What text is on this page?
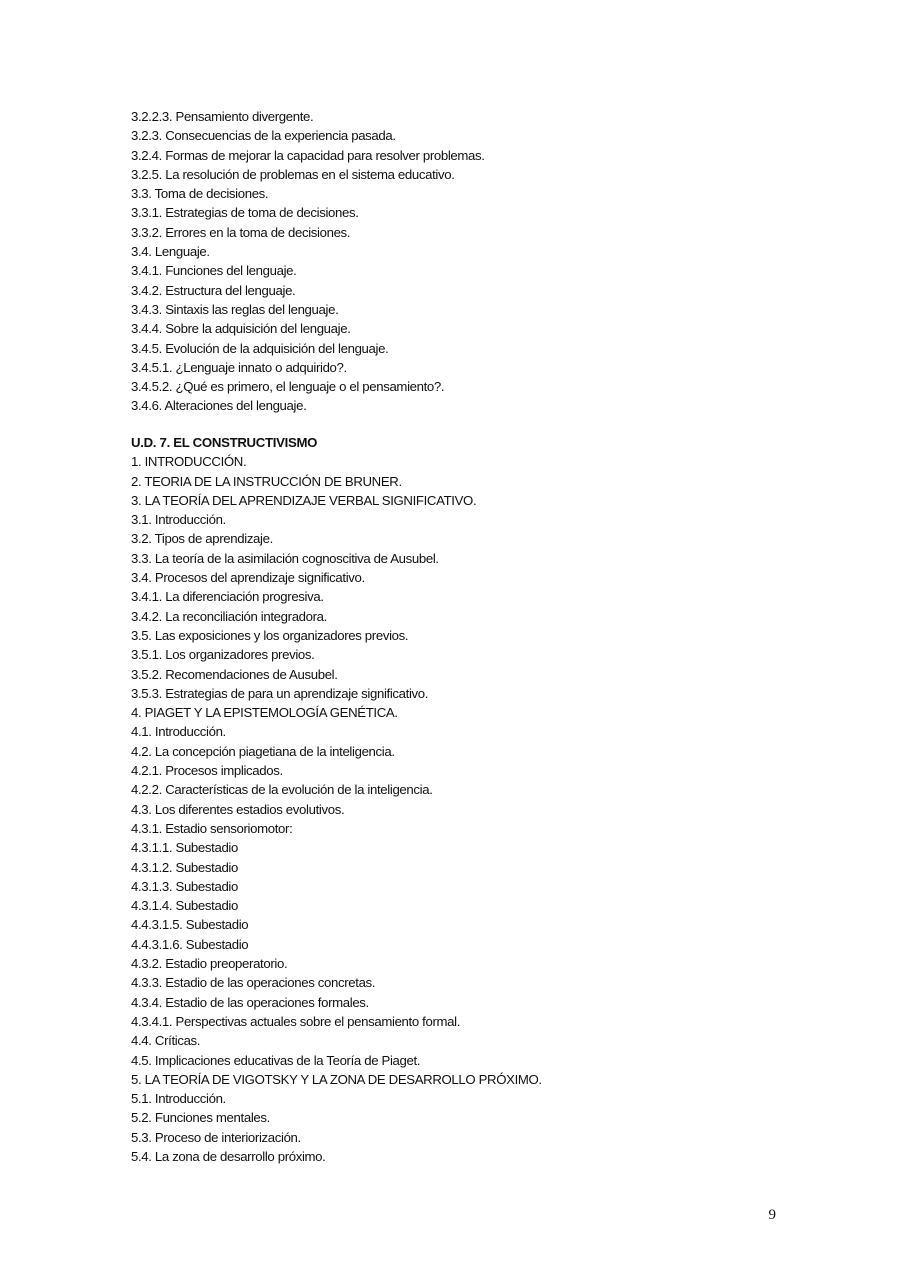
3.2.2.3. Pensamiento divergente.
3.2.3. Consecuencias de la experiencia pasada.
3.2.4. Formas de mejorar la capacidad para resolver problemas.
3.2.5. La resolución de problemas en el sistema educativo.
3.3. Toma de decisiones.
3.3.1. Estrategias de toma de decisiones.
3.3.2. Errores en la toma de decisiones.
3.4. Lenguaje.
3.4.1. Funciones del lenguaje.
3.4.2. Estructura del lenguaje.
3.4.3. Sintaxis las reglas del lenguaje.
3.4.4. Sobre la adquisición del lenguaje.
3.4.5. Evolución de la adquisición del lenguaje.
3.4.5.1. ¿Lenguaje innato o adquirido?.
3.4.5.2. ¿Qué es primero, el lenguaje o el pensamiento?.
3.4.6. Alteraciones del lenguaje.
U.D. 7. EL CONSTRUCTIVISMO
1. INTRODUCCIÓN.
2. TEORIA DE LA INSTRUCCIÓN DE BRUNER.
3. LA TEORÍA DEL APRENDIZAJE VERBAL SIGNIFICATIVO.
3.1. Introducción.
3.2. Tipos de aprendizaje.
3.3. La teoría de la asimilación cognoscitiva de Ausubel.
3.4. Procesos del aprendizaje significativo.
3.4.1. La diferenciación progresiva.
3.4.2. La reconciliación integradora.
3.5. Las exposiciones y los organizadores previos.
3.5.1. Los organizadores previos.
3.5.2. Recomendaciones de Ausubel.
3.5.3. Estrategias de para un aprendizaje significativo.
4. PIAGET Y LA EPISTEMOLOGÍA GENÉTICA.
4.1. Introducción.
4.2. La concepción piagetiana de la inteligencia.
4.2.1. Procesos implicados.
4.2.2. Características de la evolución de la inteligencia.
4.3. Los diferentes estadios evolutivos.
4.3.1. Estadio sensoriomotor:
4.3.1.1. Subestadio
4.3.1.2. Subestadio
4.3.1.3. Subestadio
4.3.1.4. Subestadio
4.4.3.1.5. Subestadio
4.4.3.1.6. Subestadio
4.3.2. Estadio preoperatorio.
4.3.3. Estadio de las operaciones concretas.
4.3.4. Estadio de las operaciones formales.
4.3.4.1. Perspectivas actuales sobre el pensamiento formal.
4.4. Críticas.
4.5. Implicaciones educativas de la Teoría de Piaget.
5. LA TEORÍA DE VIGOTSKY Y LA ZONA DE DESARROLLO PRÓXIMO.
5.1. Introducción.
5.2. Funciones mentales.
5.3. Proceso de interiorización.
5.4. La zona de desarrollo próximo.
9
